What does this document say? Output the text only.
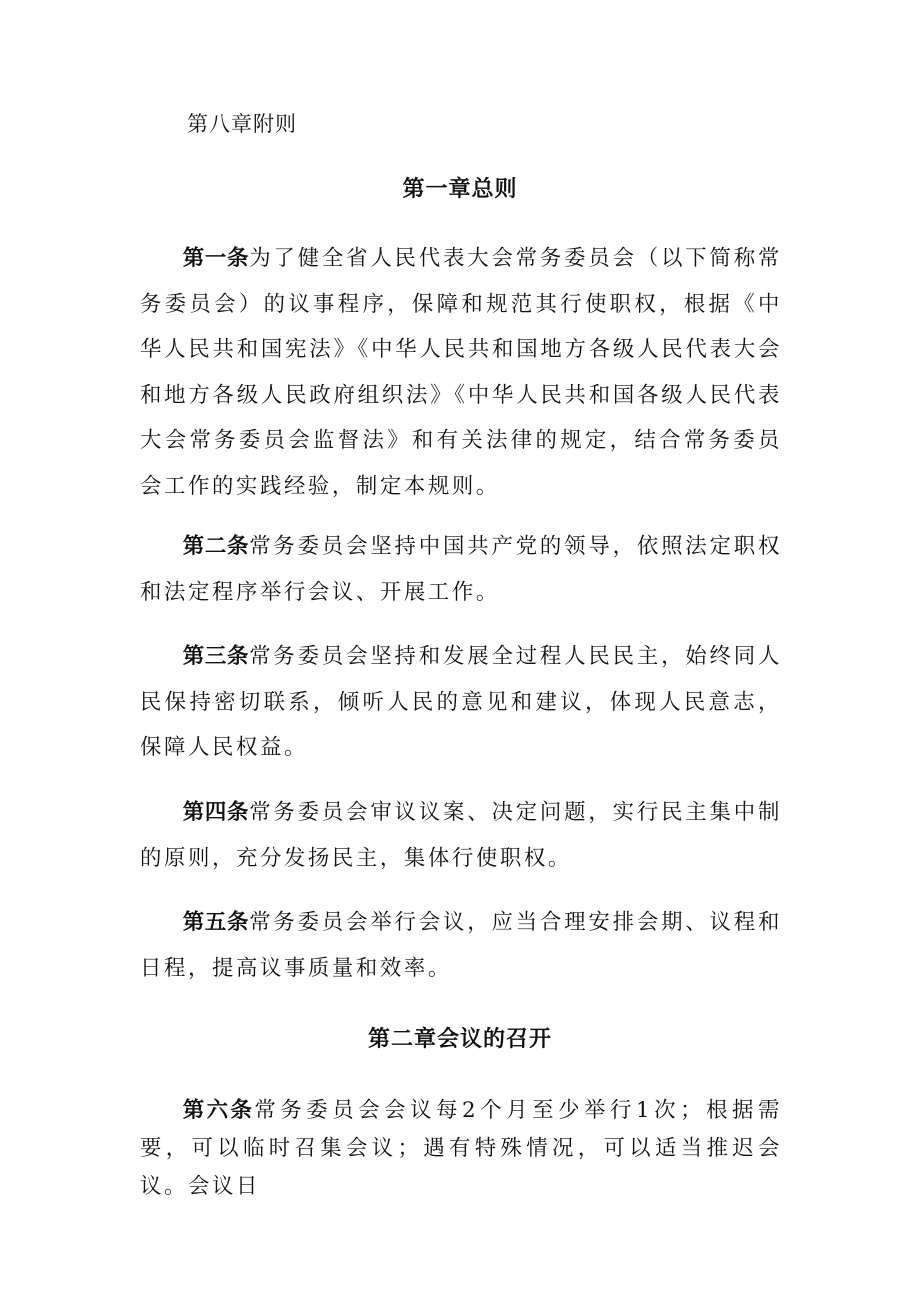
第八章附则
第一章总则

第一条为了健全省人民代表大会常务委员会（以下简称常务委员会）的议事程序，保障和规范其行使职权，根据《中华人民共和国宪法》《中华人民共和国地方各级人民代表大会和地方各级人民政府组织法》《中华人民共和国各级人民代表大会常务委员会监督法》和有关法律的规定，结合常务委员会工作的实践经验，制定本规则。

第二条常务委员会坚持中国共产党的领导，依照法定职权和法定程序举行会议、开展工作。

第三条常务委员会坚持和发展全过程人民民主，始终同人民保持密切联系，倾听人民的意见和建议，体现人民意志，保障人民权益。

第四条常务委员会审议议案、决定问题，实行民主集中制的原则，充分发扬民主，集体行使职权。

第五条常务委员会举行会议，应当合理安排会期、议程和日程，提高议事质量和效率。

第二章会议的召开

第六条常务委员会会议每2个月至少举行1次；根据需要，可以临时召集会议；遇有特殊情况，可以适当推迟会议。会议日
